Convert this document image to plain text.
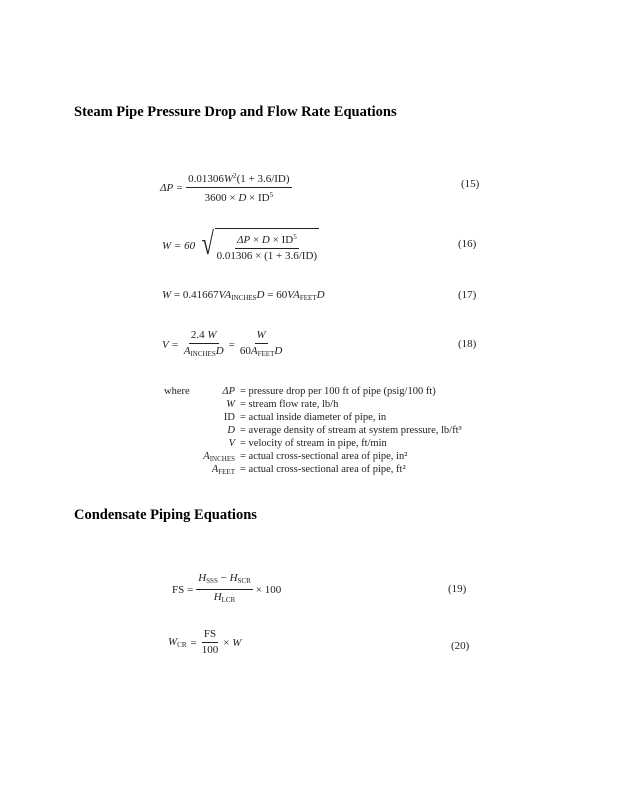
Steam Pipe Pressure Drop and Flow Rate Equations
$\Delta P = \frac{0.01306W^2(1 + 3.6/ID)}{3600 \times D \times ID^5}$	(15)
W = 60 √ $\frac{\Delta P \times D \times ID^5}{0.01306 \times (1 + 3.6/ID)}$	(16)
$W = 0.41667VA_{INCHES}D = 60VA_{FEET}D$	(17)
$V = \frac{2.4 W}{A_{INCHES}D} = \frac{W}{60A_{FEET}D}$	(18)
where	ΔP = pressure drop per 100 ft of pipe (psig/100 ft)
W = stream flow rate, lb/h
ID = actual inside diameter of pipe, in
D = average density of stream at system pressure, lb/ft³
V = velocity of stream in pipe, ft/min
$A_{INCHES}$ = actual cross-sectional area of pipe, in²
$A_{FEET}$ = actual cross-sectional area of pipe, ft²
Condensate Piping Equations
FS = $\frac{H_{SSS} - H_{SCR}}{H_{LCR}} \times 100$	(19)
$W_{CR} = \frac{FS}{100}$ ×
W	(20)
